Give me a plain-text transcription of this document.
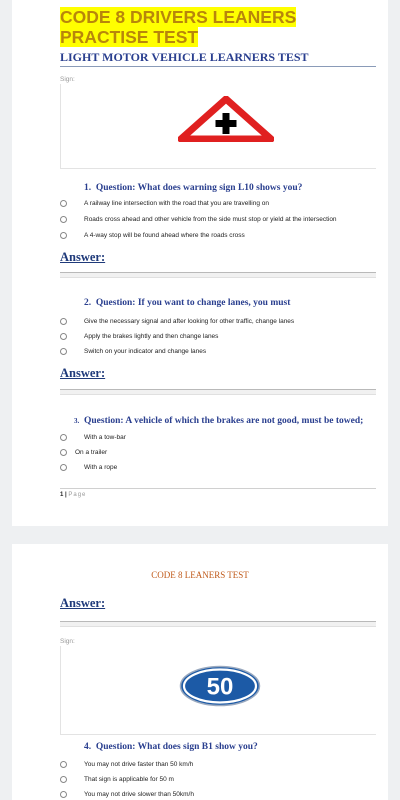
CODE 8 DRIVERS LEANERS PRACTISE TEST
LIGHT MOTOR VEHICLE LEARNERS TEST
Sign:
1. Question: What does warning sign L10 shows you?
A railway line intersection with the road that you are travelling on
Roads cross ahead and other vehicle from the side must stop or yield at the intersection
A 4-way stop will be found ahead where the roads cross
Answer:
2. Question: If you want to change lanes, you must
Give the necessary signal and after looking for other traffic, change lanes
Apply the brakes lightly and then change lanes
Switch on your indicator and change lanes
Answer:
3. Question: A vehicle of which the brakes are not good, must be towed;
With a tow-bar
On a trailer
With a rope
1 | Page
CODE 8 LEANERS TEST
Answer:
Sign:
50
4. Question: What does sign B1 show you?
You may not drive faster than 50 km/h
That sign is applicable for 50 m
You may not drive slower than 50km/h
